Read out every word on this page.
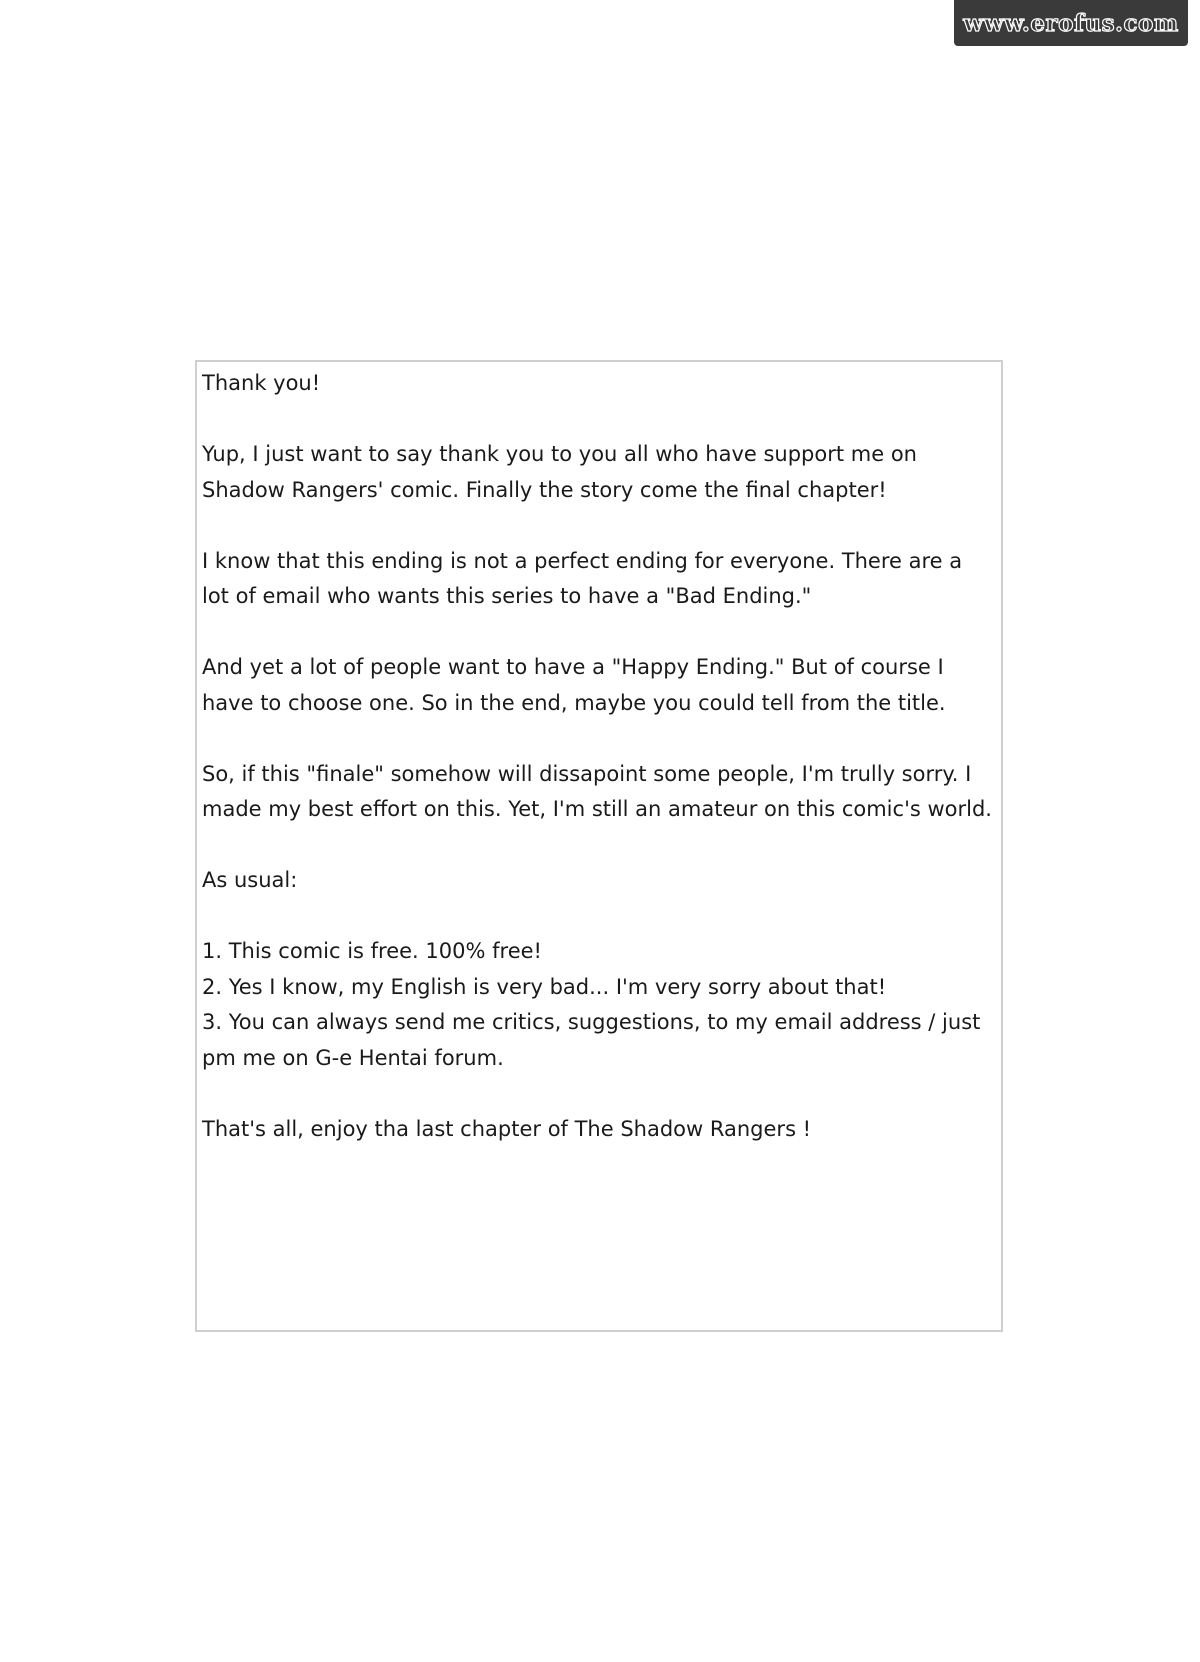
www.erofus.com

Thank you!

Yup, I just want to say thank you to you all who have support me on Shadow Rangers' comic. Finally the story come the final chapter!

I know that this ending is not a perfect ending for everyone. There are a lot of email who wants this series to have a "Bad Ending."

And yet a lot of people want to have a "Happy Ending." But of course I have to choose one. So in the end, maybe you could tell from the title.

So, if this "finale" somehow will dissapoint some people, I'm trully sorry. I made my best effort on this. Yet, I'm still an amateur on this comic's world.

As usual:

1. This comic is free. 100% free!

2. Yes I know, my English is very bad... I'm very sorry about that!

3. You can always send me critics, suggestions, to my email address / just pm me on G-e Hentai forum.

That's all, enjoy tha last chapter of The Shadow Rangers !
